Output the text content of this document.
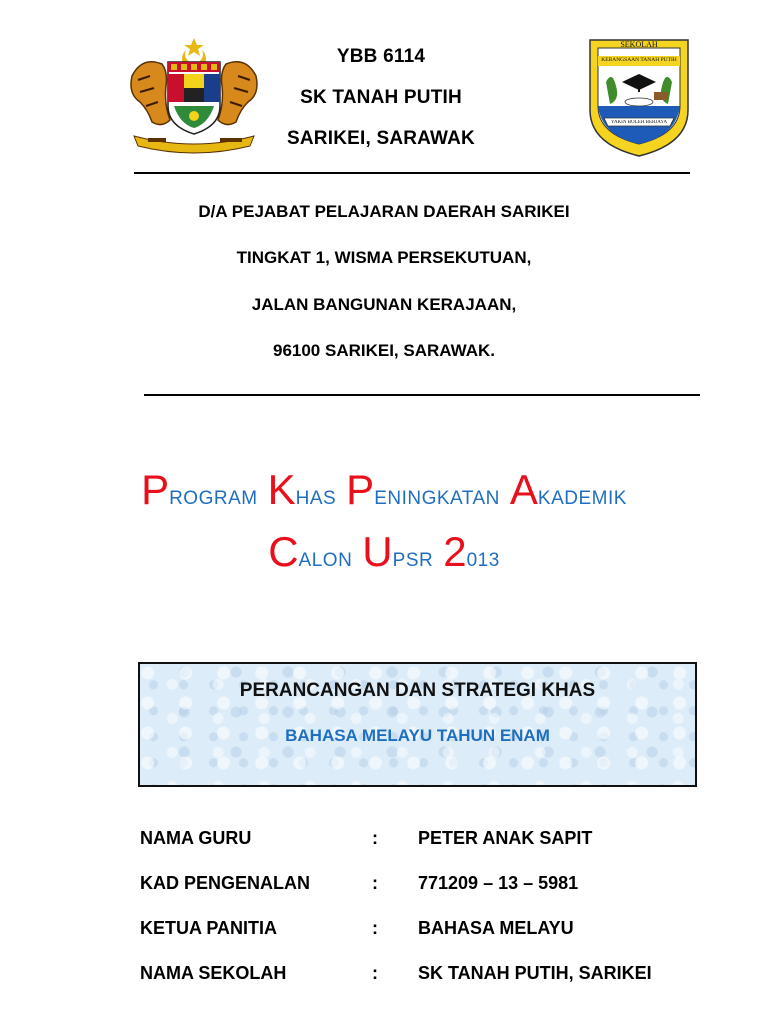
SEKOLAH
KEBANGSAAN TANAH PUTIH
YAKIN BOLEH BERJAYA
YBB 6114
SK TANAH PUTIH
SARIKEI, SARAWAK
D/A PEJABAT PELAJARAN DAERAH SARIKEI
TINGKAT 1, WISMA PERSEKUTUAN,
JALAN BANGUNAN KERAJAAN,
96100 SARIKEI, SARAWAK.
PROGRAM KHAS PENINGKATAN AKADEMIK
CALON UPSR 2013
PERANCANGAN DAN STRATEGI KHAS
BAHASA MELAYU TAHUN ENAM
NAMA GURU	: PETER ANAK SAPIT
KAD PENGENALAN	: 771209 – 13 – 5981
KETUA PANITIA	: BAHASA MELAYU
NAMA SEKOLAH	: SK TANAH PUTIH, SARIKEI
